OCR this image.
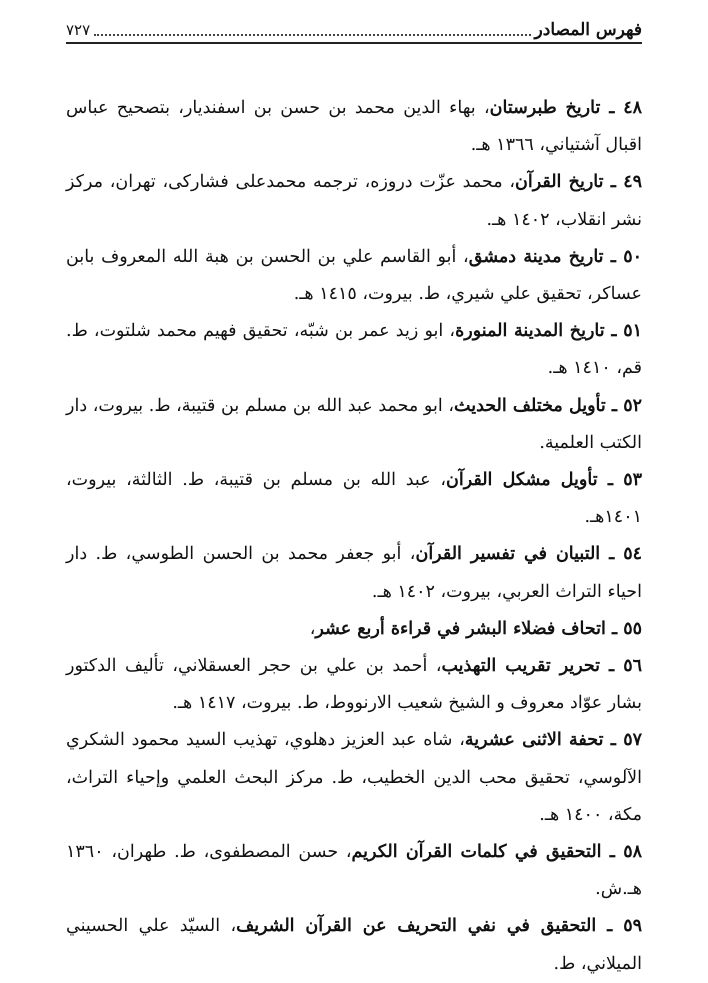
فهرس المصادر
٧٢٧

٤٨ ـ تاريخ طبرستان، بهاء الدين محمد بن حسن بن اسفنديار، بتصحيح عباس اقبال آشتياني، ١٣٦٦ هـ.

٤٩ ـ تاريخ القرآن، محمد عزّت دروزه، ترجمه محمدعلى فشاركى، تهران، مركز نشر انقلاب، ١٤٠٢ هـ.

٥٠ ـ تاريخ مدينة دمشق، أبو القاسم علي بن الحسن بن هبة الله المعروف بابن عساكر، تحقيق علي شيري، ط. بيروت، ١٤١٥ هـ.

٥١ ـ تاريخ المدينة المنورة، ابو زيد عمر بن شبّه، تحقيق فهيم محمد شلتوت، ط. قم، ١٤١٠ هـ.

٥٢ ـ تأويل مختلف الحديث، ابو محمد عبد الله بن مسلم بن قتيبة، ط. بيروت، دار الكتب العلمية.

٥٣ ـ تأويل مشكل القرآن، عبد الله بن مسلم بن قتيبة، ط. الثالثة، بيروت، ١٤٠١هـ.

٥٤ ـ التبيان في تفسير القرآن، أبو جعفر محمد بن الحسن الطوسي، ط. دار احياء التراث العربي، بيروت، ١٤٠٢ هـ.

٥٥ ـ اتحاف فضلاء البشر في قراءة أربع عشر،

٥٦ ـ تحرير تقريب التهذيب، أحمد بن علي بن حجر العسقلاني، تأليف الدكتور بشار عوّاد معروف و الشيخ شعيب الارنووط، ط. بيروت، ١٤١٧ هـ.

٥٧ ـ تحفة الاثنى عشرية، شاه عبد العزيز دهلوي، تهذيب السيد محمود الشكري الآلوسي، تحقيق محب الدين الخطيب، ط. مركز البحث العلمي وإحياء التراث، مكة، ١٤٠٠ هـ.

٥٨ ـ التحقيق في كلمات القرآن الكريم، حسن المصطفوى، ط. طهران، ١٣٦٠ هـ.ش.

٥٩ ـ التحقيق في نفي التحريف عن القرآن الشريف، السيّد علي الحسيني الميلاني، ط.
